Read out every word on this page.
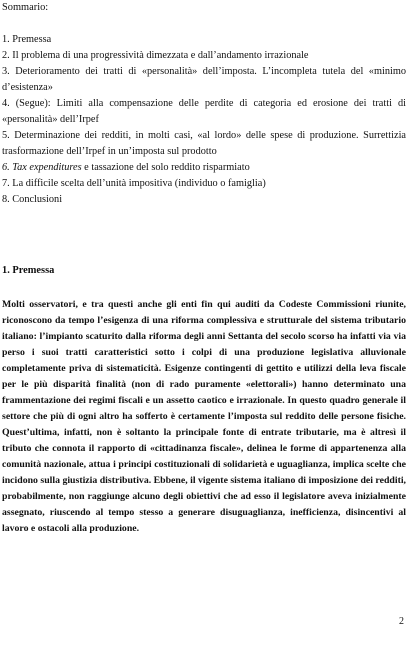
Sommario:
1. Premessa
2. Il problema di una progressività dimezzata e dall’andamento irrazionale
3. Deterioramento dei tratti di «personalità» dell’imposta. L’incompleta tutela del «minimo d’esistenza»
4. (Segue): Limiti alla compensazione delle perdite di categoria ed erosione dei tratti di «personalità» dell’Irpef
5. Determinazione dei redditi, in molti casi, «al lordo» delle spese di produzione. Surrettizia trasformazione dell’Irpef in un’imposta sul prodotto
6. Tax expenditures e tassazione del solo reddito risparmiato
7. La difficile scelta dell’unità impositiva (individuo o famiglia)
8. Conclusioni
1. Premessa

Molti osservatori, e tra questi anche gli enti fin qui auditi da Codeste Commissioni riunite, riconoscono da tempo l’esigenza di una riforma complessiva e strutturale del sistema tributario italiano: l’impianto scaturito dalla riforma degli anni Settanta del secolo scorso ha infatti via via perso i suoi tratti caratteristici sotto i colpi di una produzione legislativa alluvionale completamente priva di sistematicità. Esigenze contingenti di gettito e utilizzi della leva fiscale per le più disparità finalità (non di rado puramente «elettorali») hanno determinato una frammentazione dei regimi fiscali e un assetto caotico e irrazionale. In questo quadro generale il settore che più di ogni altro ha sofferto è certamente l’imposta sul reddito delle persone fisiche. Quest’ultima, infatti, non è soltanto la principale fonte di entrate tributarie, ma è altresì il tributo che connota il rapporto di «cittadinanza fiscale», delinea le forme di appartenenza alla comunità nazionale, attua i principi costituzionali di solidarietà e uguaglianza, implica scelte che incidono sulla giustizia distributiva. Ebbene, il vigente sistema italiano di imposizione dei redditi, probabilmente, non raggiunge alcuno degli obiettivi che ad esso il legislatore aveva inizialmente assegnato, riuscendo al tempo stesso a generare disuguaglianza, inefficienza, disincentivi al lavoro e ostacoli alla produzione.

2
